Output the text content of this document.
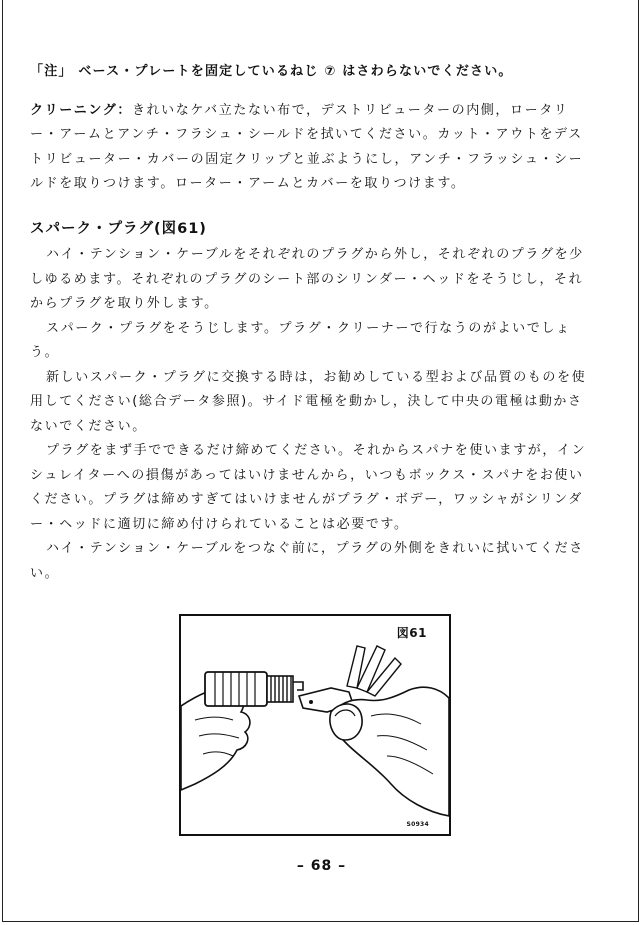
「注」 ベース・プレートを固定しているねじ ⑦ はさわらないでください。

クリーニング：きれいなケバ立たない布で，デストリビューターの内側，ロータリー・アームとアンチ・フラシュ・シールドを拭いてください。カット・アウトをデストリビューター・カバーの固定クリップと並ぶようにし，アンチ・フラッシュ・シールドを取りつけます。ローター・アームとカバーを取りつけます。

スパーク・プラグ(図61)

ハイ・テンション・ケーブルをそれぞれのプラグから外し，それぞれのプラグを少しゆるめます。それぞれのプラグのシート部のシリンダー・ヘッドをそうじし，それからプラグを取り外します。

スパーク・プラグをそうじします。プラグ・クリーナーで行なうのがよいでしょう。

新しいスパーク・プラグに交換する時は，お勧めしている型および品質のものを使用してください(総合データ参照)。サイド電極を動かし，決して中央の電極は動かさないでください。

プラグをまず手でできるだけ締めてください。それからスパナを使いますが，インシュレイターへの損傷があってはいけませんから，いつもボックス・スパナをお使いください。プラグは締めすぎてはいけませんがプラグ・ボデー，ワッシャがシリンダー・ヘッドに適切に締め付けられていることは必要です。

ハイ・テンション・ケーブルをつなぐ前に，プラグの外側をきれいに拭いてください。

図61
S0934
– 68 –
